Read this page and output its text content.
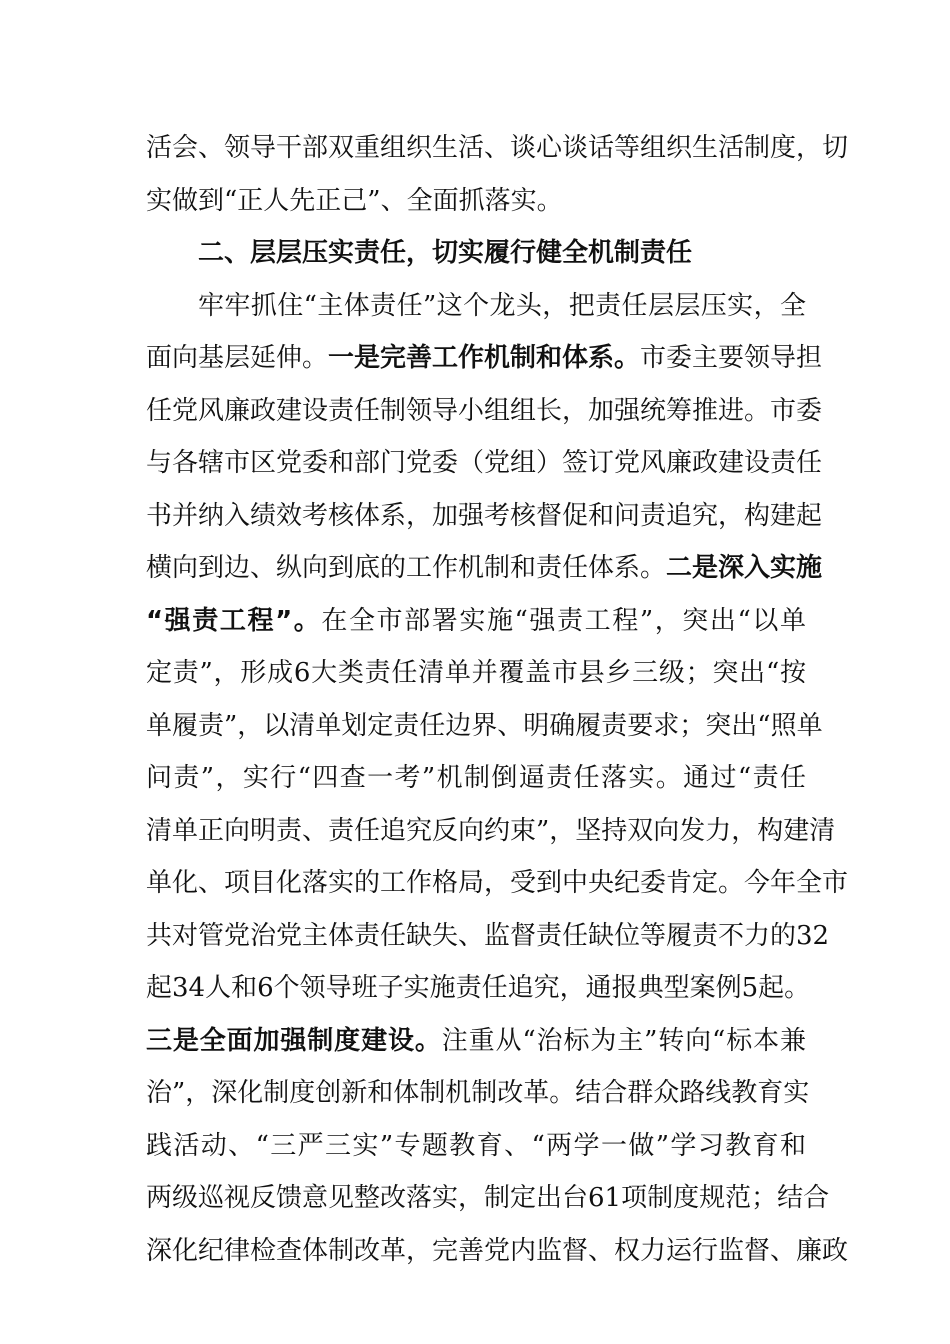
活会、领导干部双重组织生活、谈心谈话等组织生活制度，切
实做到“正人先正己”、全面抓落实。
二、层层压实责任，切实履行健全机制责任
牢牢抓住“主体责任”这个龙头，把责任层层压实，全
面向基层延伸。一是完善工作机制和体系。市委主要领导担
任党风廉政建设责任制领导小组组长，加强统筹推进。市委
与各辖市区党委和部门党委（党组）签订党风廉政建设责任
书并纳入绩效考核体系，加强考核督促和问责追究，构建起
横向到边、纵向到底的工作机制和责任体系。二是深入实施
“强责工程”。在全市部署实施“强责工程”，突出“以单
定责”，形成6大类责任清单并覆盖市县乡三级；突出“按
单履责”，以清单划定责任边界、明确履责要求；突出“照单
问责”，实行“四查一考”机制倒逼责任落实。通过“责任
清单正向明责、责任追究反向约束”，坚持双向发力，构建清
单化、项目化落实的工作格局，受到中央纪委肯定。今年全市
共对管党治党主体责任缺失、监督责任缺位等履责不力的32
起34人和6个领导班子实施责任追究，通报典型案例5起。
三是全面加强制度建设。注重从“治标为主”转向“标本兼
治”，深化制度创新和体制机制改革。结合群众路线教育实
践活动、“三严三实”专题教育、“两学一做”学习教育和
两级巡视反馈意见整改落实，制定出台61项制度规范；结合
深化纪律检查体制改革，完善党内监督、权力运行监督、廉政
